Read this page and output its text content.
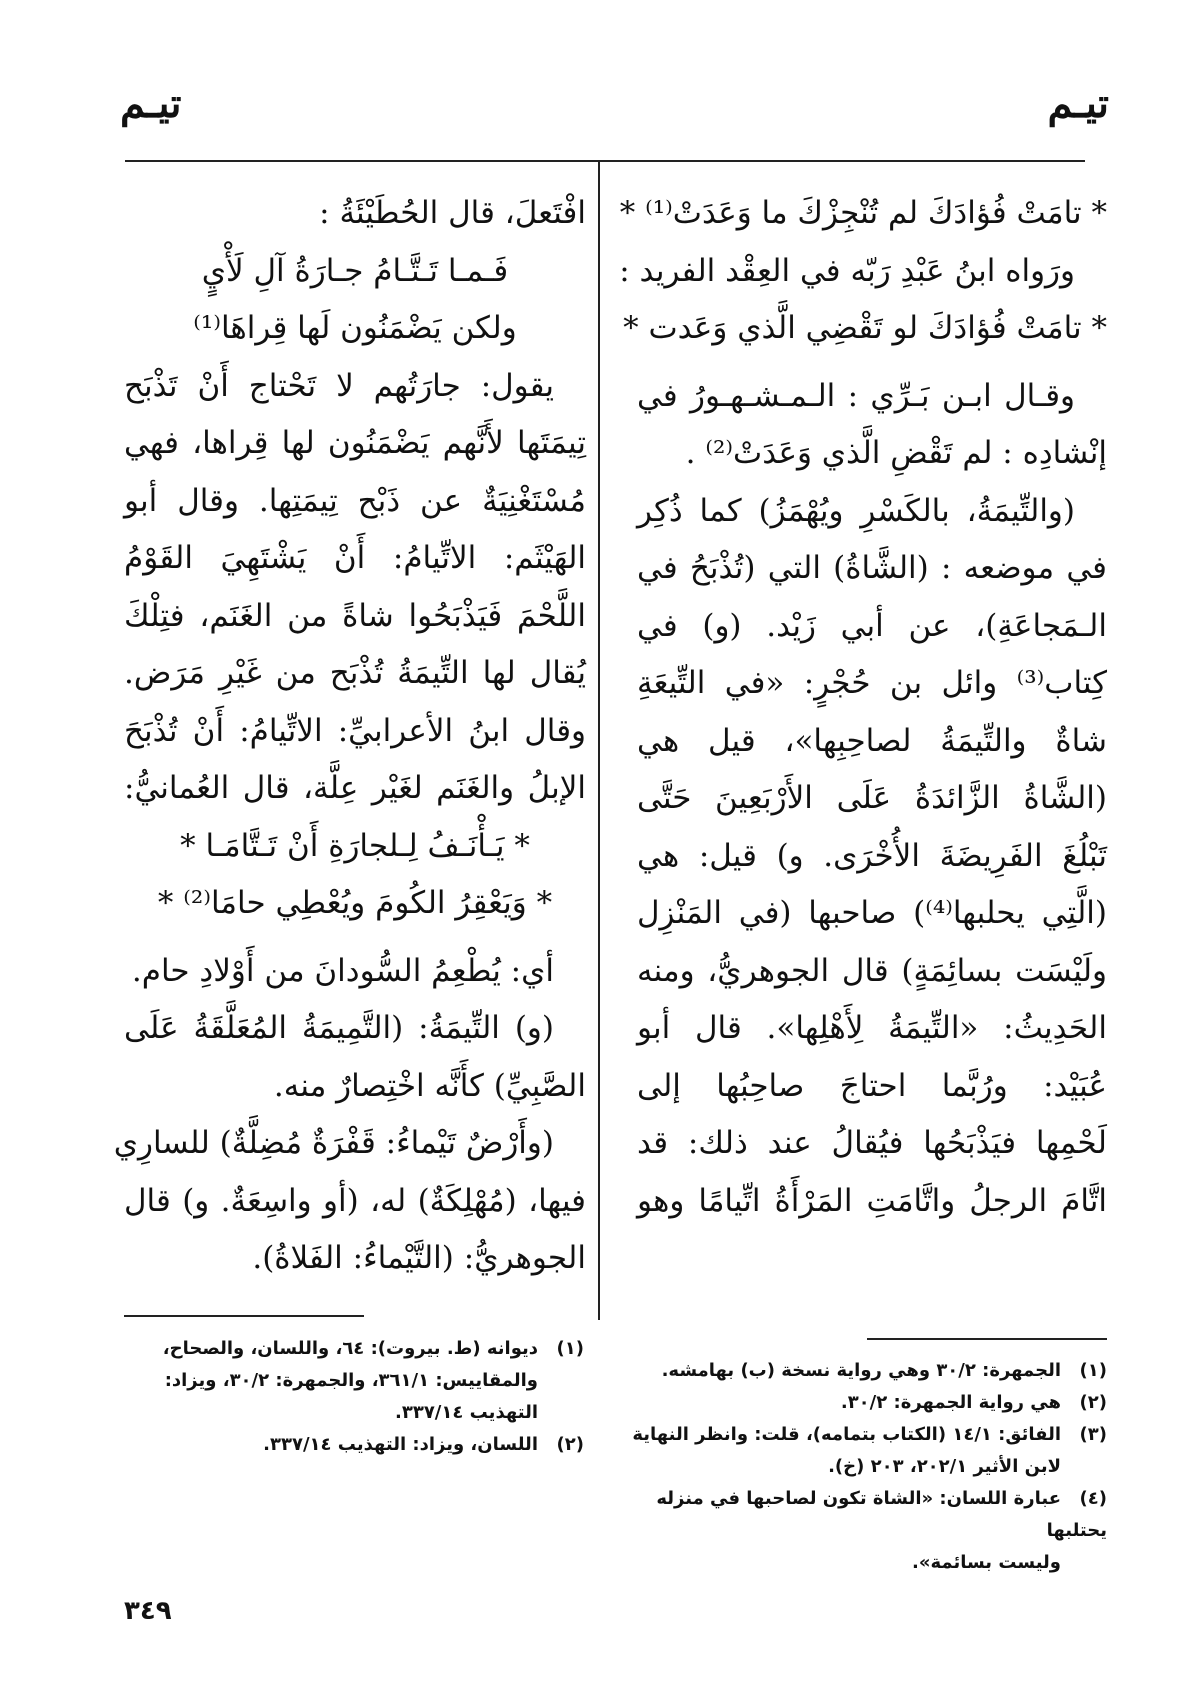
تيـم
تيـم
* تامَتْ فُؤادَكَ لم تُنْجِزْكَ ما وَعَدَتْ⁽¹⁾ *
ورَواه ابنُ عَبْدِ رَبّه في العِقْد الفريد :
* تامَتْ فُؤادَكَ لو تَقْضِي الَّذي وَعَدت *
وقـال ابـن بَـرِّي : الـمـشـهـورُ في
إنْشادِه : لم تَقْضِ الَّذي وَعَدَتْ⁽²⁾ .
(والتِّيمَةُ، بالكَسْرِ ويُهْمَزُ) كما ذُكِر
في موضعه : (الشَّاةُ) التي (تُذْبَحُ في
الـمَجاعَةِ)، عن أبي زَيْد. (و) في
كِتاب⁽³⁾ وائل بن حُجْرٍ: «في التِّيعَةِ
شاةٌ والتِّيمَةُ لصاحِبِها»، قيل هي
(الشَّاةُ الزَّائدَةُ عَلَى الأَرْبَعِينَ حَتَّى
تَبْلُغَ الفَرِيضَةَ الأُخْرَى. و) قيل: هي
(الَّتِي يحلبها⁽⁴⁾) صاحبها (في المَنْزِل
ولَيْسَت بسائِمَةٍ) قال الجوهريُّ، ومنه
الحَدِيثُ: «التِّيمَةُ لِأَهْلِها». قال أبو
عُبَيْد: ورُبَّما احتاجَ صاحِبُها إلى
لَحْمِها فيَذْبَحُها فيُقالُ عند ذلك: قد
اتَّامَ الرجلُ واتَّامَتِ المَرْأَةُ اتِّيامًا وهو
افْتَعلَ، قال الحُطَيْئَةُ :
فَـمـا تَـتَّـامُ جـارَةُ آلِ لَأْيٍ
ولكن يَضْمَنُون لَها قِراهَا⁽¹⁾
يقول: جارَتُهم لا تَحْتاج أَنْ تَذْبَح
تِيمَتَها لأَنَّهم يَضْمَنُون لها قِراها، فهي
مُسْتَغْنِيَةٌ عن ذَبْح تِيمَتِها. وقال أبو
الهَيْثَم: الاتِّيامُ: أَنْ يَشْتَهِيَ القَوْمُ
اللَّحْمَ فَيَذْبَحُوا شاةً من الغَنَم، فتِلْكَ
يُقال لها التِّيمَةُ تُذْبَح من غَيْرِ مَرَض.
وقال ابنُ الأعرابيِّ: الاتِّيامُ: أَنْ تُذْبَحَ
الإبلُ والغَنَم لغَيْر عِلَّة، قال العُمانيُّ:
* يَـأْنَـفُ لِـلجارَةِ أَنْ تَـتَّامَـا *
* وَيَعْقِرُ الكُومَ ويُعْطِي حامَا⁽²⁾ *
أي: يُطْعِمُ السُّودانَ من أَوْلادِ حام.
(و) التِّيمَةُ: (التَّمِيمَةُ المُعَلَّقَةُ عَلَى
الصَّبِيِّ) كأَنَّه اخْتِصارٌ منه.
(وأَرْضٌ تَيْماءُ: قَفْرَةٌ مُضِلَّةٌ) للسارِي
فيها، (مُهْلِكَةٌ) له، (أو واسِعَةٌ. و) قال
الجوهريُّ: (التَّيْماءُ: الفَلاةُ).
(١)الجمهرة: ٣٠/٢ وهي رواية نسخة (ب) بهامشه.
(٢)هي رواية الجمهرة: ٣٠/٢.
(٣)الفائق: ١٤/١ (الكتاب بتمامه)، قلت: وانظر النهاية
لابن الأثير ٢٠٢/١، ٢٠٣ (خ).
(٤)عبارة اللسان: «الشاة تكون لصاحبها في منزله يحتلبها
وليست بسائمة».
(١)ديوانه (ط. بيروت): ٦٤، واللسان، والصحاح،
والمقاييس: ٣٦١/١، والجمهرة: ٣٠/٢، ويزاد:
التهذيب ٣٣٧/١٤.
(٢)اللسان، ويزاد: التهذيب ٣٣٧/١٤.
٣٤٩
